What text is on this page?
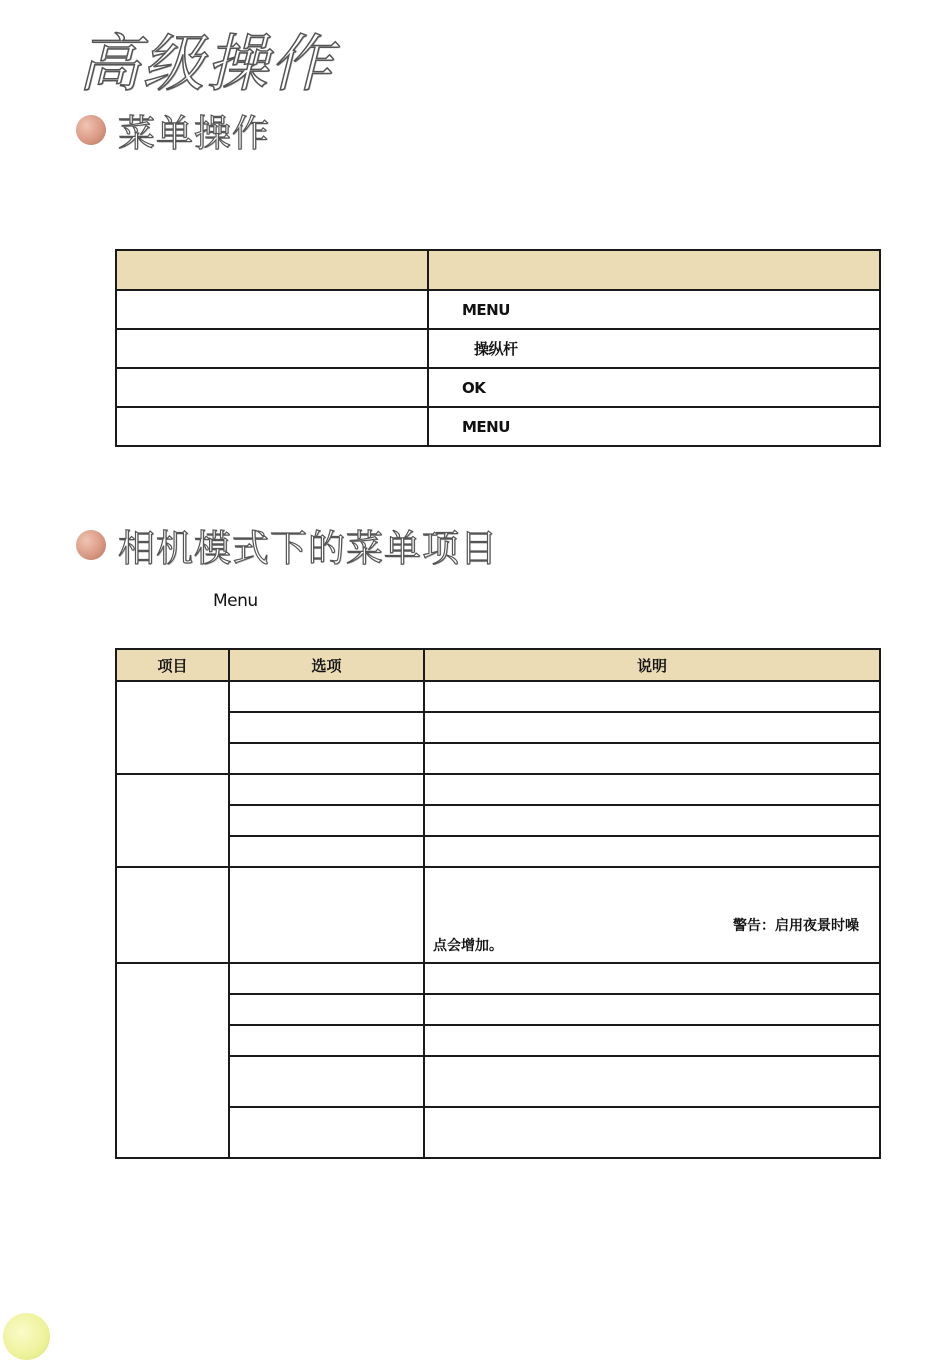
高级操作
菜单操作

	MENU
	操纵杆
	OK
	MENU
相机模式下的菜单项目
Menu
项目	选项	说明

		警告：启用夜景时噪
点会增加。
